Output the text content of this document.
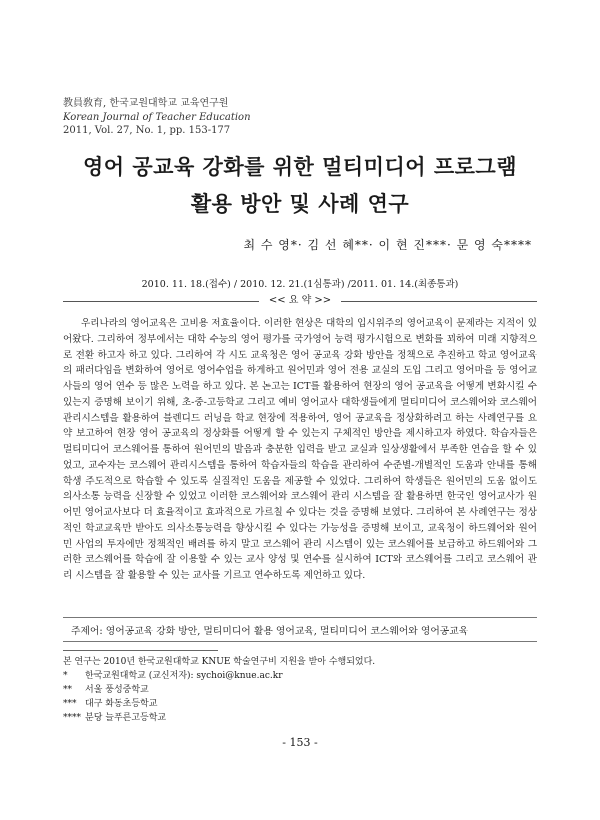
教員敎育, 한국교원대학교 교육연구원
Korean Journal of Teacher Education
2011, Vol. 27, No. 1, pp. 153-177
영어 공교육 강화를 위한 멀티미디어 프로그램
활용 방안 및 사례 연구
최 수 영*· 김 선 혜**· 이 현 진***· 문 영 숙****
2010. 11. 18.(접수) / 2010. 12. 21.(1심통과) /2011. 01. 14.(최종통과)
<< 요 약 >>

우리나라의 영어교육은 고비용 저효율이다. 이러한 현상은 대학의 입시위주의 영어교육이 문제라는 지적이 있어왔다. 그리하여 정부에서는 대학 수능의 영어 평가를 국가영어 능력 평가시험으로 변화를 꾀하여 미래 지향적으로 전환 하고자 하고 있다. 그리하여 각 시도 교육청은 영어 공교육 강화 방안을 정책으로 추진하고 학교 영어교육의 패러다임을 변화하여 영어로 영어수업을 하게하고 원어민과 영어 전용 교실의 도입 그리고 영어마을 등 영어교사들의 영어 연수 등 많은 노력을 하고 있다. 본 논고는 ICT를 활용하여 현장의 영어 공교육을 어떻게 변화시킬 수 있는지 증명해 보이기 위해, 초-중-고등학교 그리고 예비 영어교사 대학생들에게 멀티미디어 코스웨어와 코스웨어 관리시스템을 활용하여 블렌디드 러닝을 학교 현장에 적용하여, 영어 공교육을 정상화하려고 하는 사례연구를 요약 보고하여 현장 영어 공교육의 정상화를 어떻게 할 수 있는지 구체적인 방안을 제시하고자 하였다. 학습자들은 멀티미디어 코스웨어를 통하여 원어민의 발음과 충분한 입력을 받고 교실과 일상생활에서 부족한 연습을 할 수 있었고, 교수자는 코스웨어 관리시스템을 통하여 학습자들의 학습을 관리하여 수준별-개별적인 도움과 안내를 통해 학생 주도적으로 학습할 수 있도록 실질적인 도움을 제공할 수 있었다. 그리하여 학생들은 원어민의 도움 없이도 의사소통 능력을 신장할 수 있었고 이러한 코스웨어와 코스웨어 관리 시스템을 잘 활용하면 한국인 영어교사가 원어민 영어교사보다 더 효율적이고 효과적으로 가르칠 수 있다는 것을 증명해 보였다. 그리하여 본 사례연구는 정상적인 학교교육만 받아도 의사소통능력을 향상시킬 수 있다는 가능성을 증명해 보이고, 교육청이 하드웨어와 원어민 사업의 투자에만 정책적인 배려를 하지 말고 코스웨어 관리 시스템이 있는 코스웨어를 보급하고 하드웨어와 그러한 코스웨어를 학습에 잘 이용할 수 있는 교사 양성 및 연수를 실시하여 ICT와 코스웨어를 그리고 코스웨어 관리 시스템을 잘 활용할 수 있는 교사를 기르고 연수하도록 제언하고 있다.

주제어: 영어공교육 강화 방안, 멀티미디어 활용 영어교육, 멀티미디어 코스웨어와 영어공교육
본 연구는 2010년 한국교원대학교 KNUE 학술연구비 지원을 받아 수행되었다.
* 한국교원대학교 (교신저자): sychoi@knue.ac.kr
** 서울 풍성중학교
*** 대구 화동초등학교
**** 분당 늘푸른고등학교
- 153 -
